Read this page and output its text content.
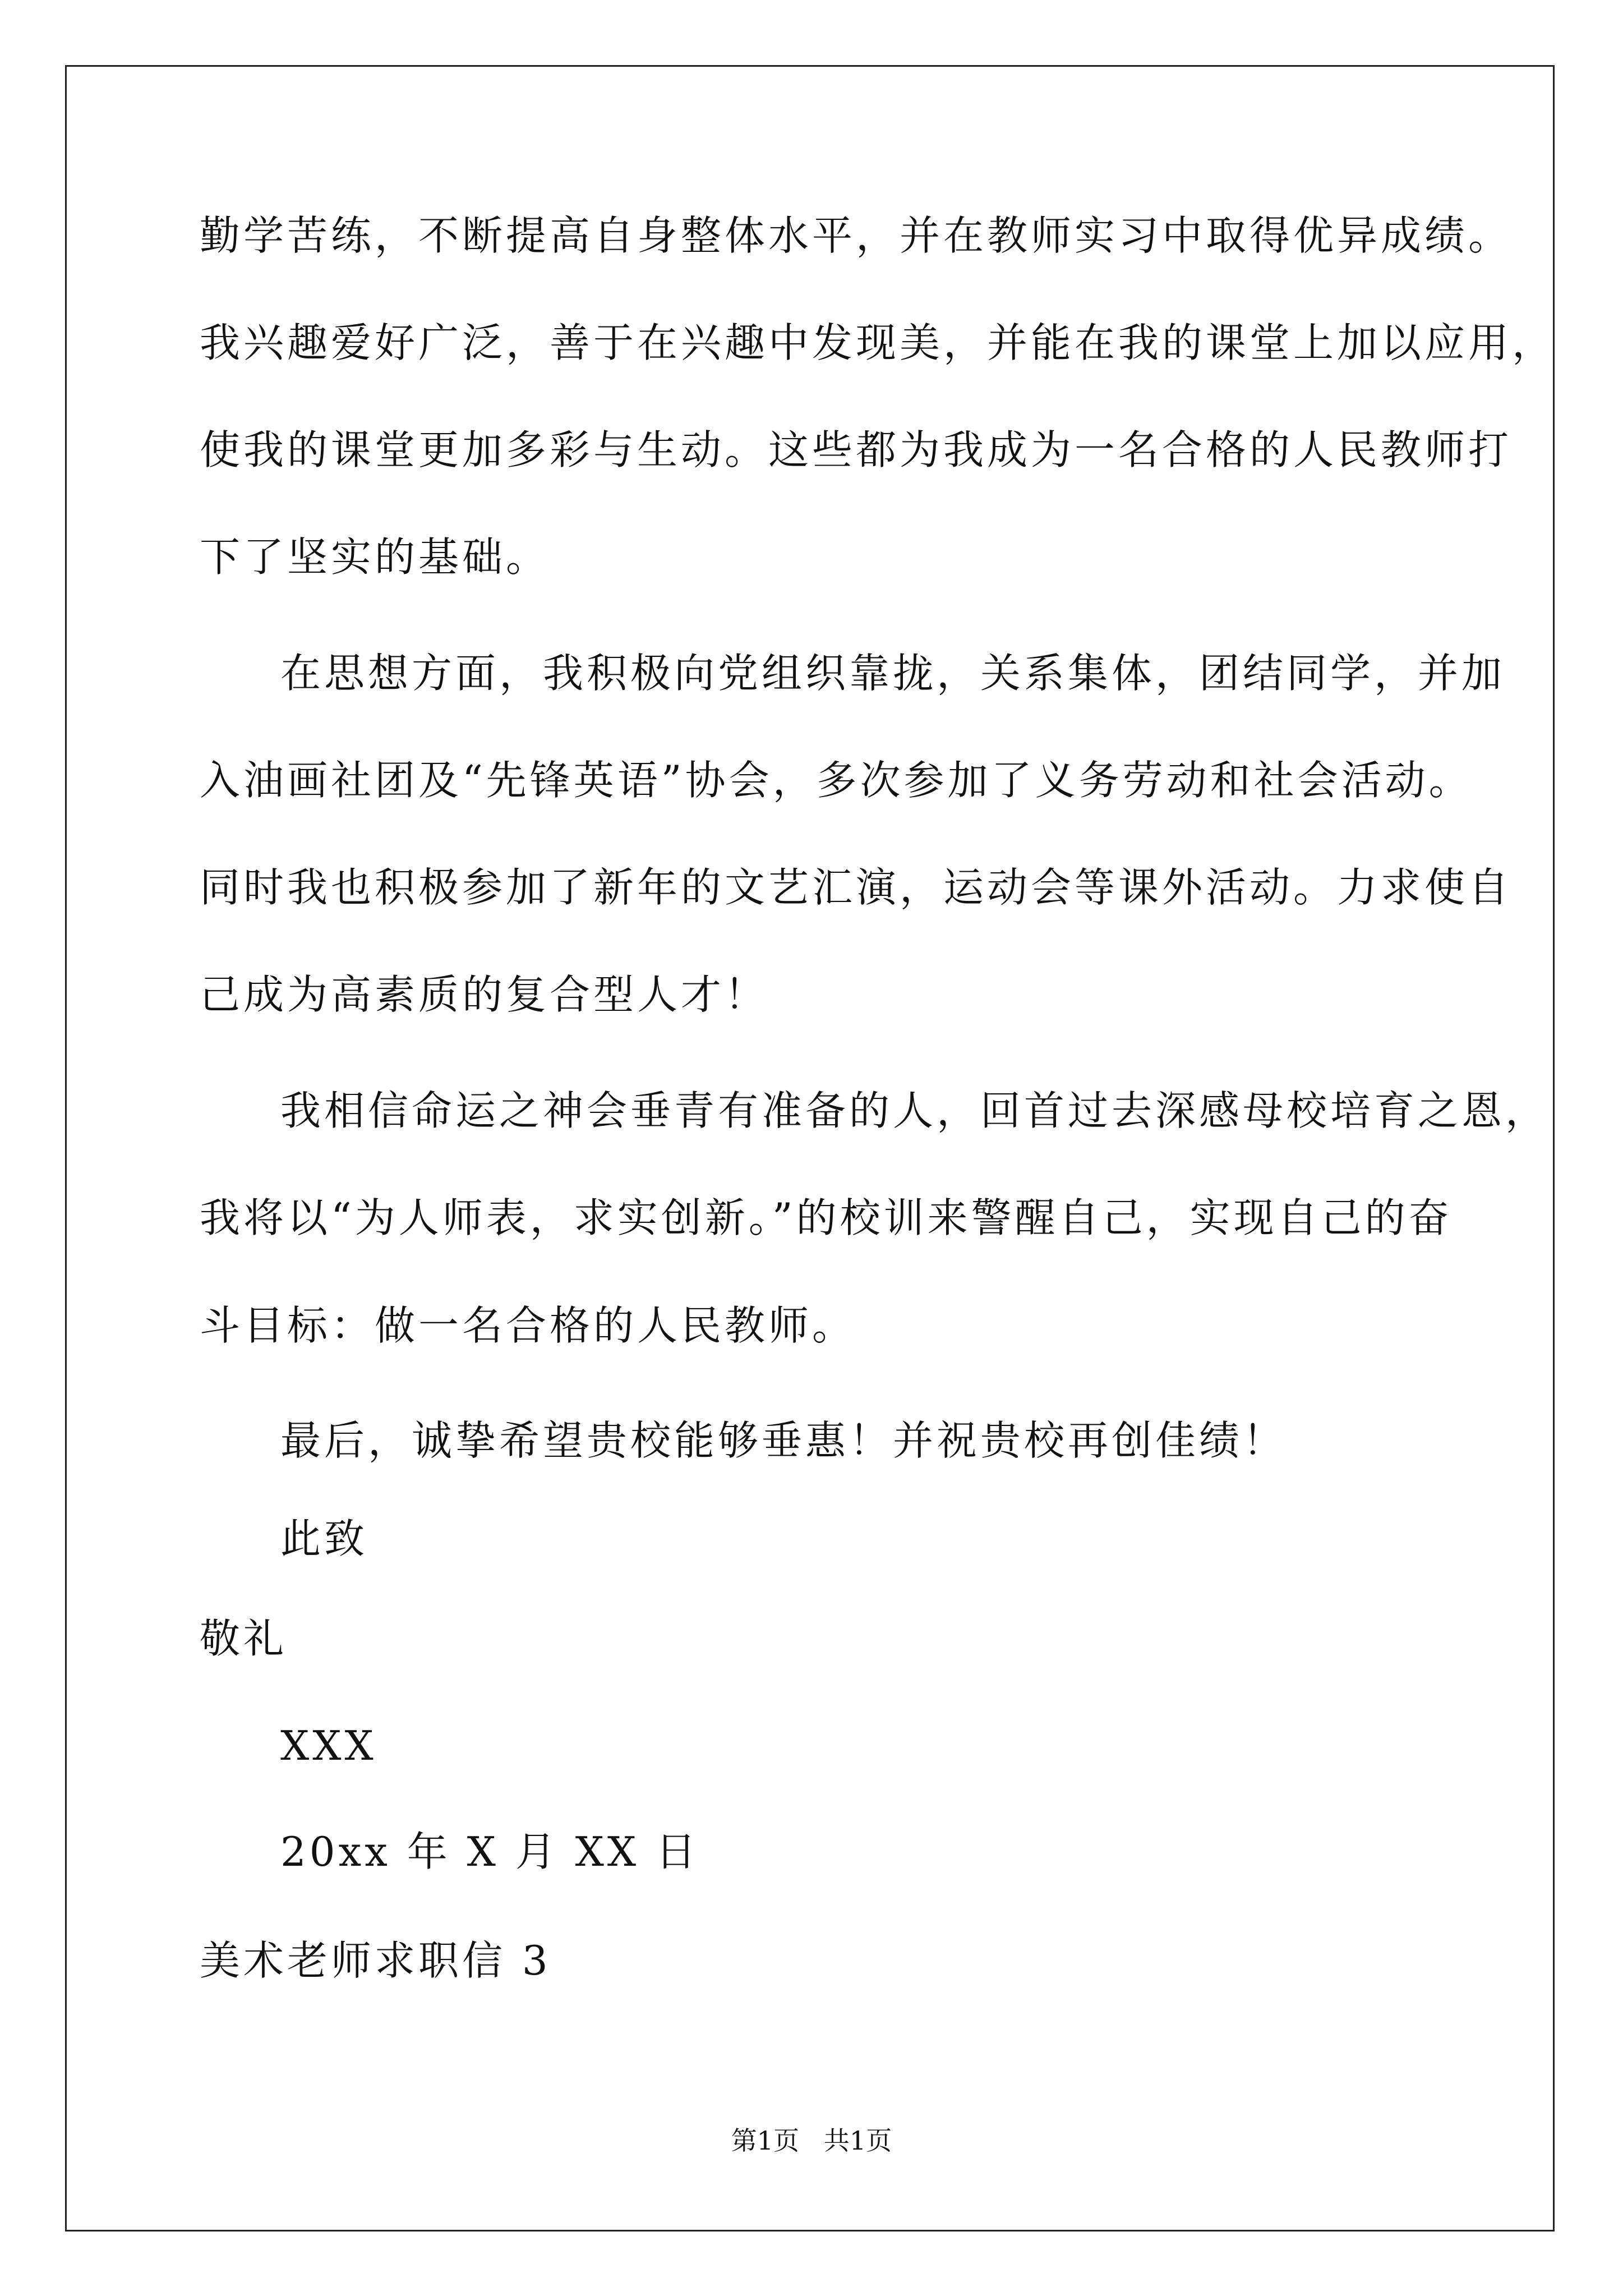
勤学苦练，不断提高自身整体水平，并在教师实习中取得优异成绩。
我兴趣爱好广泛，善于在兴趣中发现美，并能在我的课堂上加以应用，
使我的课堂更加多彩与生动。这些都为我成为一名合格的人民教师打
下了坚实的基础。
在思想方面，我积极向党组织靠拢，关系集体，团结同学，并加
入油画社团及“先锋英语”协会，多次参加了义务劳动和社会活动。
同时我也积极参加了新年的文艺汇演，运动会等课外活动。力求使自
己成为高素质的复合型人才！
我相信命运之神会垂青有准备的人，回首过去深感母校培育之恩，
我将以“为人师表，求实创新。”的校训来警醒自己，实现自己的奋
斗目标：做一名合格的人民教师。
最后，诚挚希望贵校能够垂惠！并祝贵校再创佳绩！
此致
敬礼
XXX
20xx 年 X 月 XX 日
美术老师求职信 3
第1页   共1页
